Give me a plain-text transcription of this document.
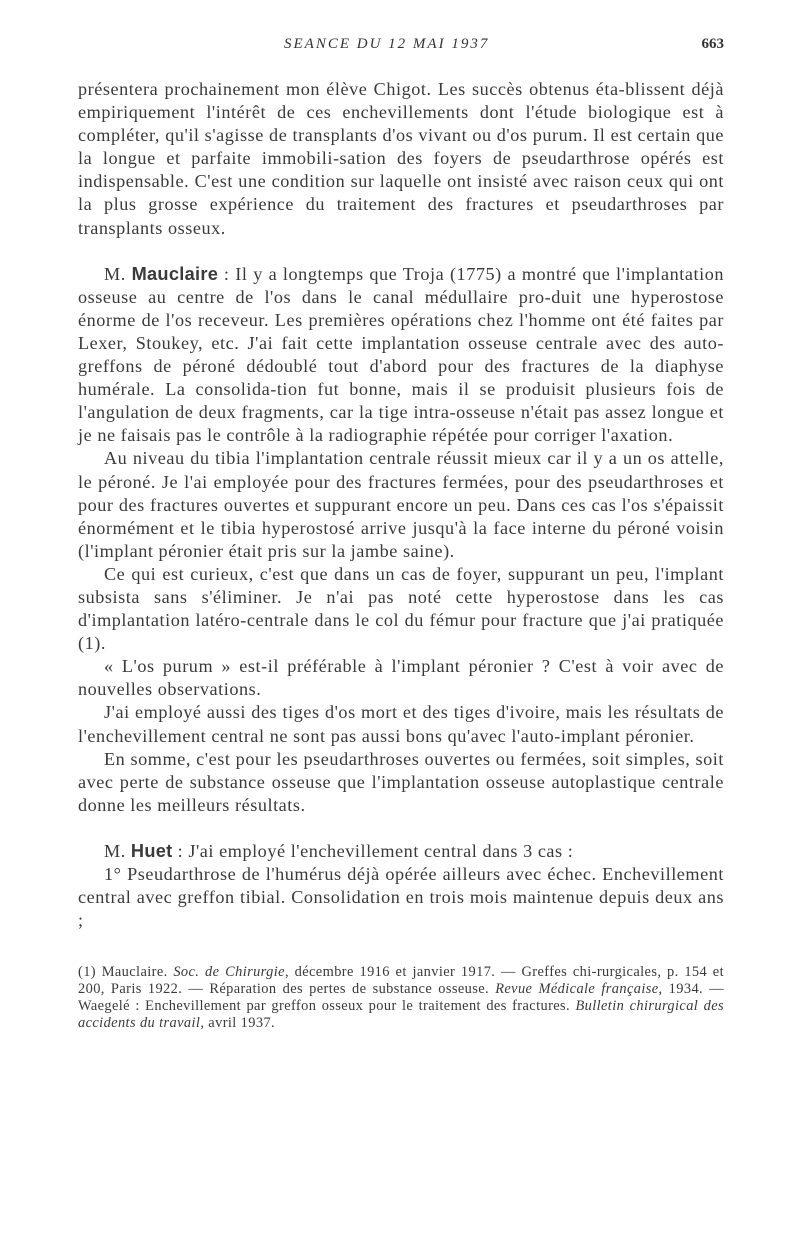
SEANCE DU 12 MAI 1937	663

présentera prochainement mon élève Chigot. Les succès obtenus éta-blissent déjà empiriquement l'intérêt de ces enchevillements dont l'étude biologique est à compléter, qu'il s'agisse de transplants d'os vivant ou d'os purum. Il est certain que la longue et parfaite immobili-sation des foyers de pseudarthrose opérés est indispensable. C'est une condition sur laquelle ont insisté avec raison ceux qui ont la plus grosse expérience du traitement des fractures et pseudarthroses par transplants osseux.

M. Mauclaire : Il y a longtemps que Troja (1775) a montré que l'implantation osseuse au centre de l'os dans le canal médullaire pro-duit une hyperostose énorme de l'os receveur. Les premières opérations chez l'homme ont été faites par Lexer, Stoukey, etc. J'ai fait cette implantation osseuse centrale avec des auto-greffons de péroné dédoublé tout d'abord pour des fractures de la diaphyse humérale. La consolida-tion fut bonne, mais il se produisit plusieurs fois de l'angulation de deux fragments, car la tige intra-osseuse n'était pas assez longue et je ne faisais pas le contrôle à la radiographie répétée pour corriger l'axation.

Au niveau du tibia l'implantation centrale réussit mieux car il y a un os attelle, le péroné. Je l'ai employée pour des fractures fermées, pour des pseudarthroses et pour des fractures ouvertes et suppurant encore un peu. Dans ces cas l'os s'épaissit énormément et le tibia hyperostosé arrive jusqu'à la face interne du péroné voisin (l'implant péronier était pris sur la jambe saine).

Ce qui est curieux, c'est que dans un cas de foyer, suppurant un peu, l'implant subsista sans s'éliminer. Je n'ai pas noté cette hyperostose dans les cas d'implantation latéro-centrale dans le col du fémur pour fracture que j'ai pratiquée (1).

« L'os purum » est-il préférable à l'implant péronier ? C'est à voir avec de nouvelles observations.

J'ai employé aussi des tiges d'os mort et des tiges d'ivoire, mais les résultats de l'enchevillement central ne sont pas aussi bons qu'avec l'auto-implant péronier.

En somme, c'est pour les pseudarthroses ouvertes ou fermées, soit simples, soit avec perte de substance osseuse que l'implantation osseuse autoplastique centrale donne les meilleurs résultats.

M. Huet : J'ai employé l'enchevillement central dans 3 cas :

1° Pseudarthrose de l'humérus déjà opérée ailleurs avec échec. Enchevillement central avec greffon tibial. Consolidation en trois mois maintenue depuis deux ans ;

(1) Mauclaire. Soc. de Chirurgie, décembre 1916 et janvier 1917. — Greffes chi-rurgicales, p. 154 et 200, Paris 1922. — Réparation des pertes de substance osseuse. Revue Médicale française, 1934. — Waegelé : Enchevillement par greffon osseux pour le traitement des fractures. Bulletin chirurgical des accidents du travail, avril 1937.
